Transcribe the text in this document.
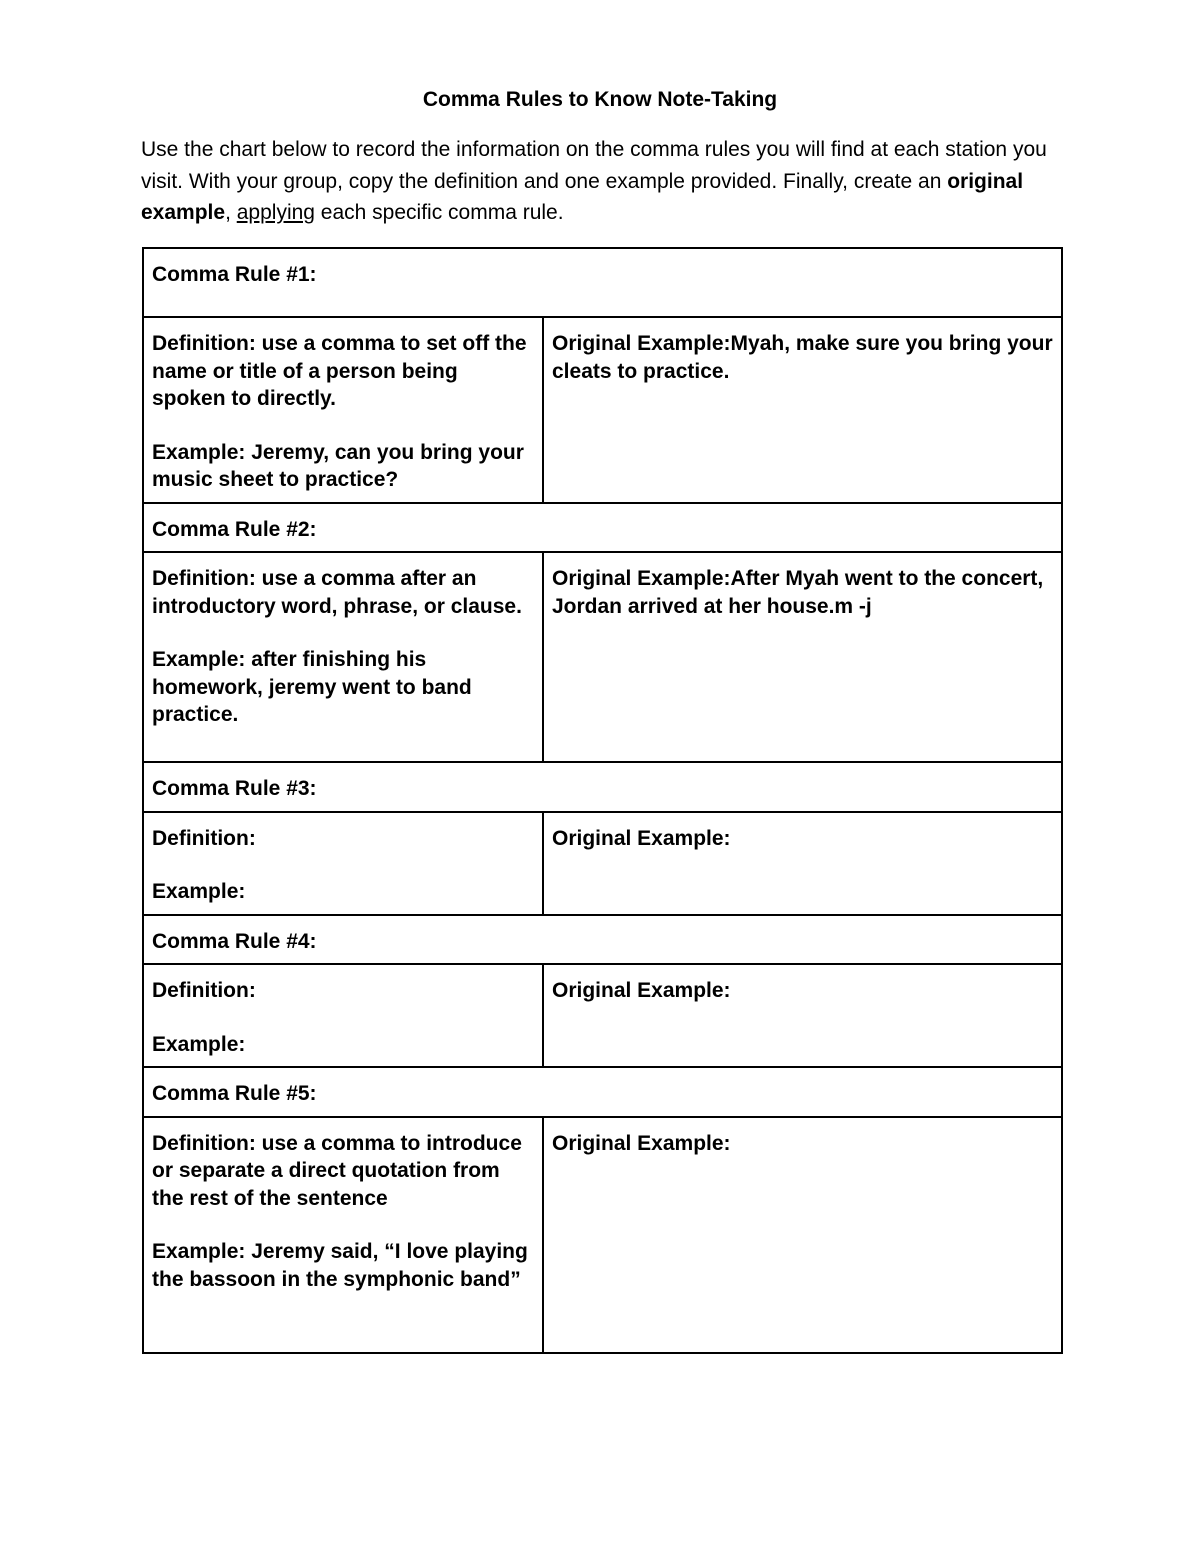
Comma Rules to Know Note-Taking

Use the chart below to record the information on the comma rules you will find at each station you visit. With your group, copy the definition and one example provided. Finally, create an original example, applying each specific comma rule.

Comma Rule #1:	

Definition: use a comma to set off the name or title of a person being spoken to directly.

Example: Jeremy, can you bring your music sheet to practice?	Original Example:Myah, make sure you bring your cleats to practice.

Comma Rule #2:	

Definition: use a comma after an introductory word, phrase, or clause.

Example: after finishing his homework, jeremy went to band practice.	Original Example:After Myah went to the concert, Jordan arrived at her house.m -j

Comma Rule #3:	

Definition:

Example:	Original Example:

Comma Rule #4:	

Definition:

Example:	Original Example:

Comma Rule #5:	

Definition: use a comma to introduce or separate a direct quotation from the rest of the sentence

Example: Jeremy said, “I love playing the bassoon in the symphonic band”	Original Example:
